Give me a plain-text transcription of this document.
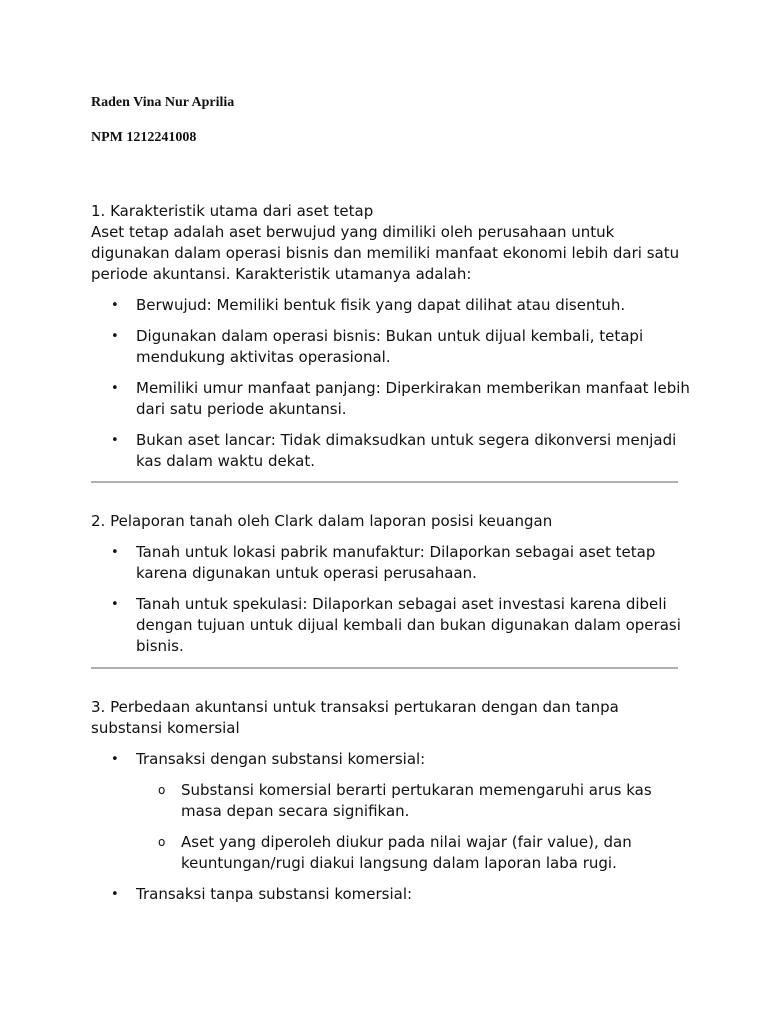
Raden Vina Nur Aprilia

NPM 1212241008

1. Karakteristik utama dari aset tetap

Aset tetap adalah aset berwujud yang dimiliki oleh perusahaan untuk digunakan dalam operasi bisnis dan memiliki manfaat ekonomi lebih dari satu periode akuntansi. Karakteristik utamanya adalah:

• Berwujud: Memiliki bentuk fisik yang dapat dilihat atau disentuh.
• Digunakan dalam operasi bisnis: Bukan untuk dijual kembali, tetapi mendukung aktivitas operasional.
• Memiliki umur manfaat panjang: Diperkirakan memberikan manfaat lebih dari satu periode akuntansi.
• Bukan aset lancar: Tidak dimaksudkan untuk segera dikonversi menjadi kas dalam waktu dekat.

2. Pelaporan tanah oleh Clark dalam laporan posisi keuangan

• Tanah untuk lokasi pabrik manufaktur: Dilaporkan sebagai aset tetap karena digunakan untuk operasi perusahaan.
• Tanah untuk spekulasi: Dilaporkan sebagai aset investasi karena dibeli dengan tujuan untuk dijual kembali dan bukan digunakan dalam operasi bisnis.

3. Perbedaan akuntansi untuk transaksi pertukaran dengan dan tanpa substansi komersial

• Transaksi dengan substansi komersial:
o Substansi komersial berarti pertukaran memengaruhi arus kas masa depan secara signifikan.
o Aset yang diperoleh diukur pada nilai wajar (fair value), dan keuntungan/rugi diakui langsung dalam laporan laba rugi.
• Transaksi tanpa substansi komersial:
